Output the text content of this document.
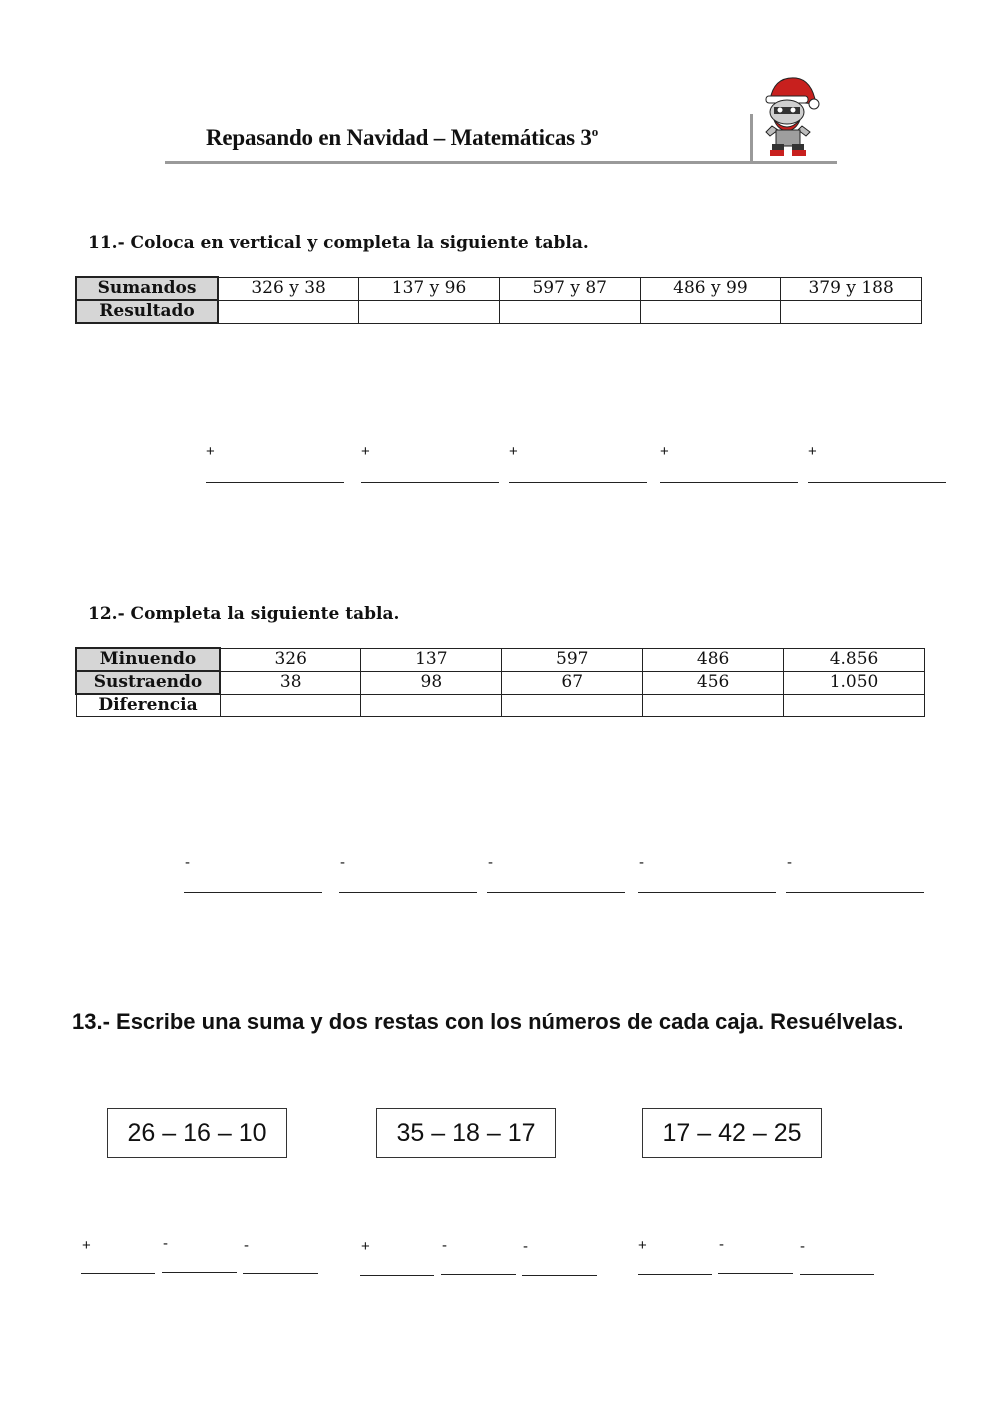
Repasando en Navidad – Matemáticas 3$^o$
11.- Coloca en vertical y completa la siguiente tabla.
Sumandos	326 y 38	137 y 96	597 y 87	486 y 99	379 y 188
Resultado					
+	+	+	+	+
12.- Completa la siguiente tabla.
Minuendo	326	137	597	486	4.856
Sustraendo	38	98	67	456	1.050
Diferencia					
-	-	-	-	-
13.- Escribe una suma y dos restas con los números de cada caja. Resuélvelas.
26 – 16 – 10	35 – 18 – 17	17 – 42 – 25
+	-	-	+	-	-	+	-	-
